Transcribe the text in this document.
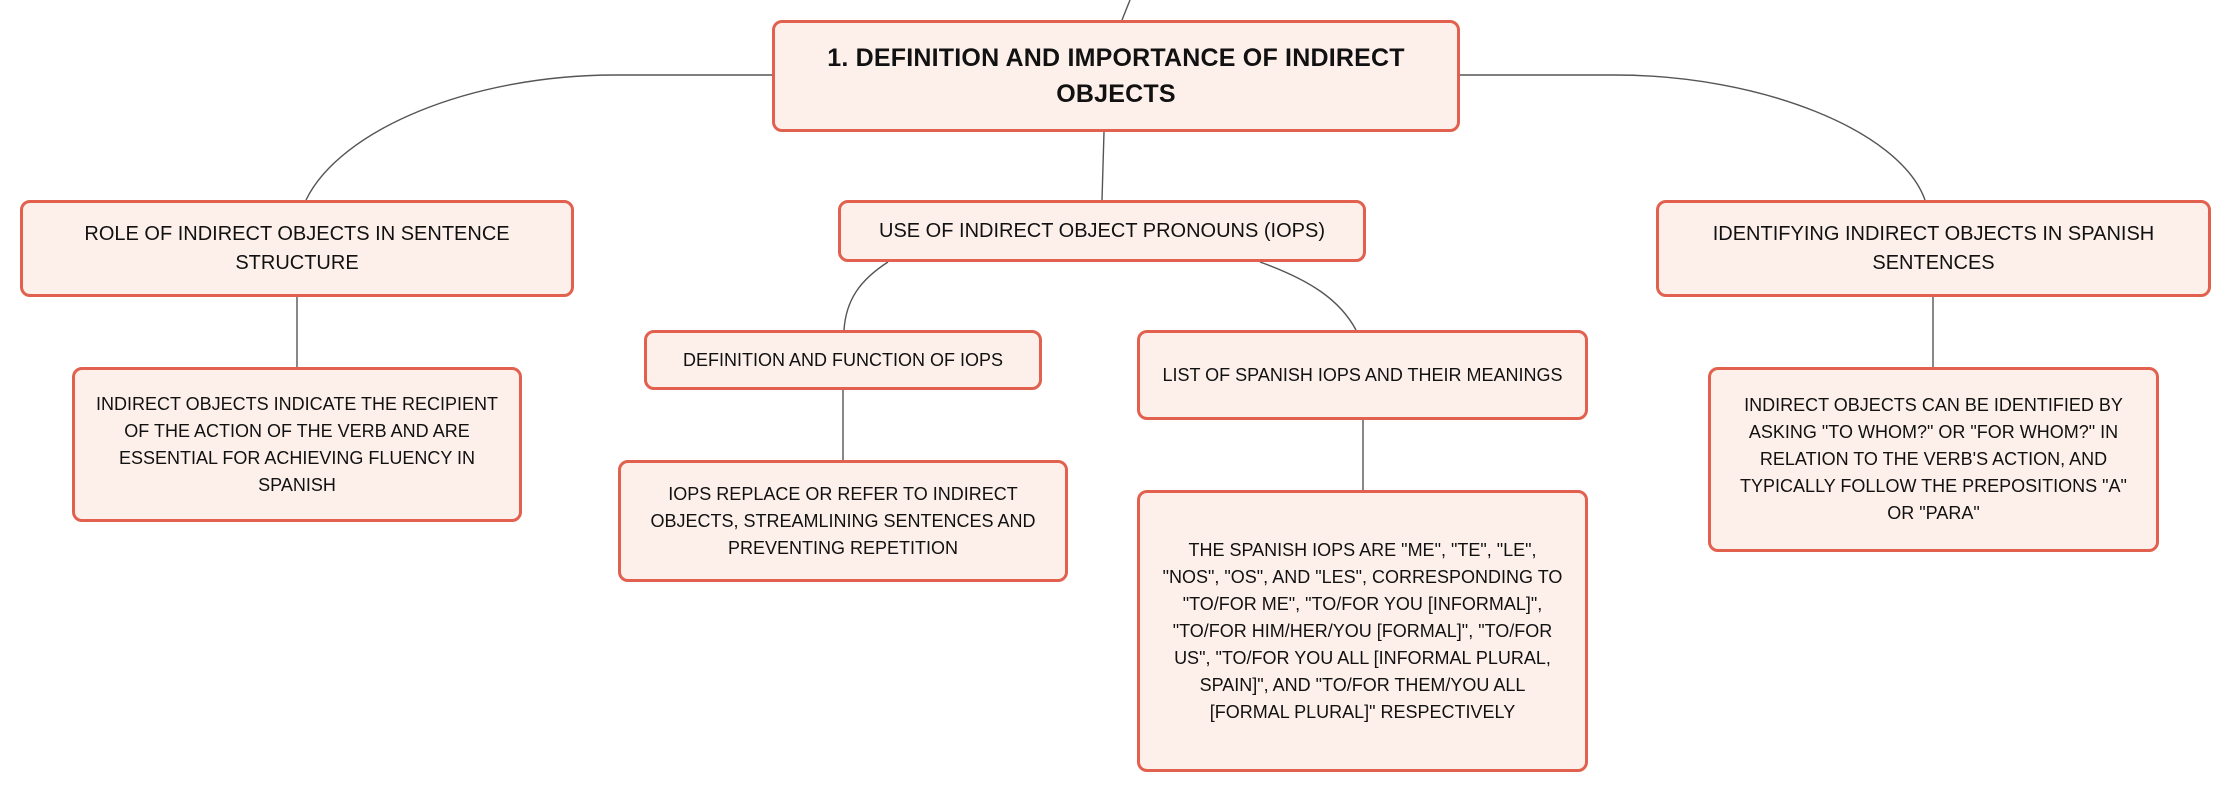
1. DEFINITION AND IMPORTANCE OF INDIRECT OBJECTS
ROLE OF INDIRECT OBJECTS IN SENTENCE STRUCTURE
USE OF INDIRECT OBJECT PRONOUNS (IOPS)	IDENTIFYING INDIRECT OBJECTS IN SPANISH SENTENCES
INDIRECT OBJECTS INDICATE THE RECIPIENT OF THE ACTION OF THE VERB AND ARE ESSENTIAL FOR ACHIEVING FLUENCY IN SPANISH
DEFINITION AND FUNCTION OF IOPS
LIST OF SPANISH IOPS AND THEIR MEANINGS
IOPS REPLACE OR REFER TO INDIRECT OBJECTS, STREAMLINING SENTENCES AND PREVENTING REPETITION	THE SPANISH IOPS ARE "ME", "TE", "LE", "NOS", "OS", AND "LES", CORRESPONDING TO "TO/FOR ME", "TO/FOR YOU [INFORMAL]", "TO/FOR HIM/HER/YOU [FORMAL]", "TO/FOR US", "TO/FOR YOU ALL [INFORMAL PLURAL, SPAIN]", AND "TO/FOR THEM/YOU ALL [FORMAL PLURAL]" RESPECTIVELY
INDIRECT OBJECTS CAN BE IDENTIFIED BY ASKING "TO WHOM?" OR "FOR WHOM?" IN RELATION TO THE VERB'S ACTION, AND TYPICALLY FOLLOW THE PREPOSITIONS "A" OR "PARA"
